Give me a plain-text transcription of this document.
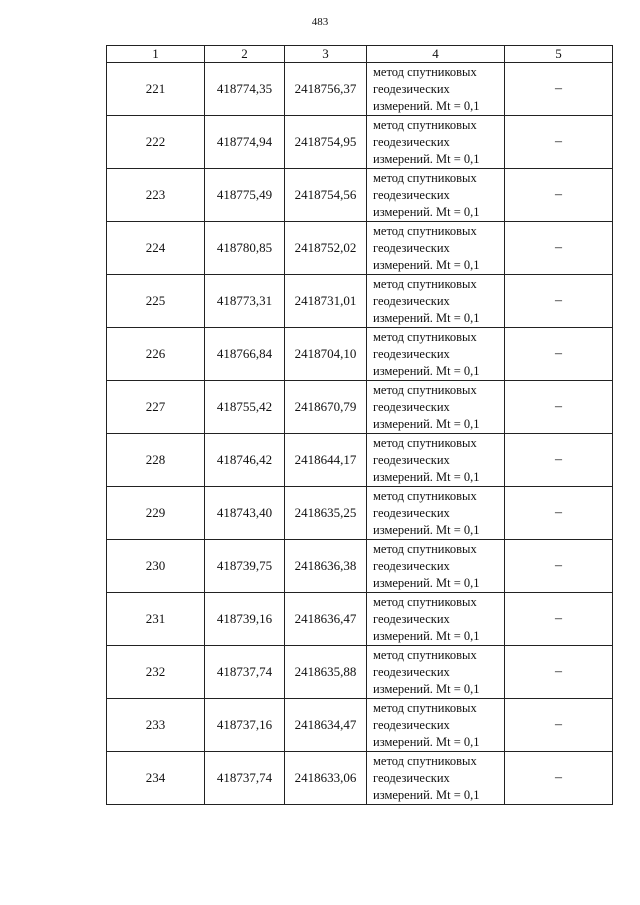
483
1	2	3	4	5
221	418774,35	2418756,37	метод спутниковых
геодезических
измерений. Mt = 0,1	–
222	418774,94	2418754,95	метод спутниковых
геодезических
измерений. Mt = 0,1	–
223	418775,49	2418754,56	метод спутниковых
геодезических
измерений. Mt = 0,1	–
224	418780,85	2418752,02	метод спутниковых
геодезических
измерений. Mt = 0,1	–
225	418773,31	2418731,01	метод спутниковых
геодезических
измерений. Mt = 0,1	–
226	418766,84	2418704,10	метод спутниковых
геодезических
измерений. Mt = 0,1	–
227	418755,42	2418670,79	метод спутниковых
геодезических
измерений. Mt = 0,1	–
228	418746,42	2418644,17	метод спутниковых
геодезических
измерений. Mt = 0,1	–
229	418743,40	2418635,25	метод спутниковых
геодезических
измерений. Mt = 0,1	–
230	418739,75	2418636,38	метод спутниковых
геодезических
измерений. Mt = 0,1	–
231	418739,16	2418636,47	метод спутниковых
геодезических
измерений. Mt = 0,1	–
232	418737,74	2418635,88	метод спутниковых
геодезических
измерений. Mt = 0,1	–
233	418737,16	2418634,47	метод спутниковых
геодезических
измерений. Mt = 0,1	–
234	418737,74	2418633,06	метод спутниковых
геодезических
измерений. Mt = 0,1	–
